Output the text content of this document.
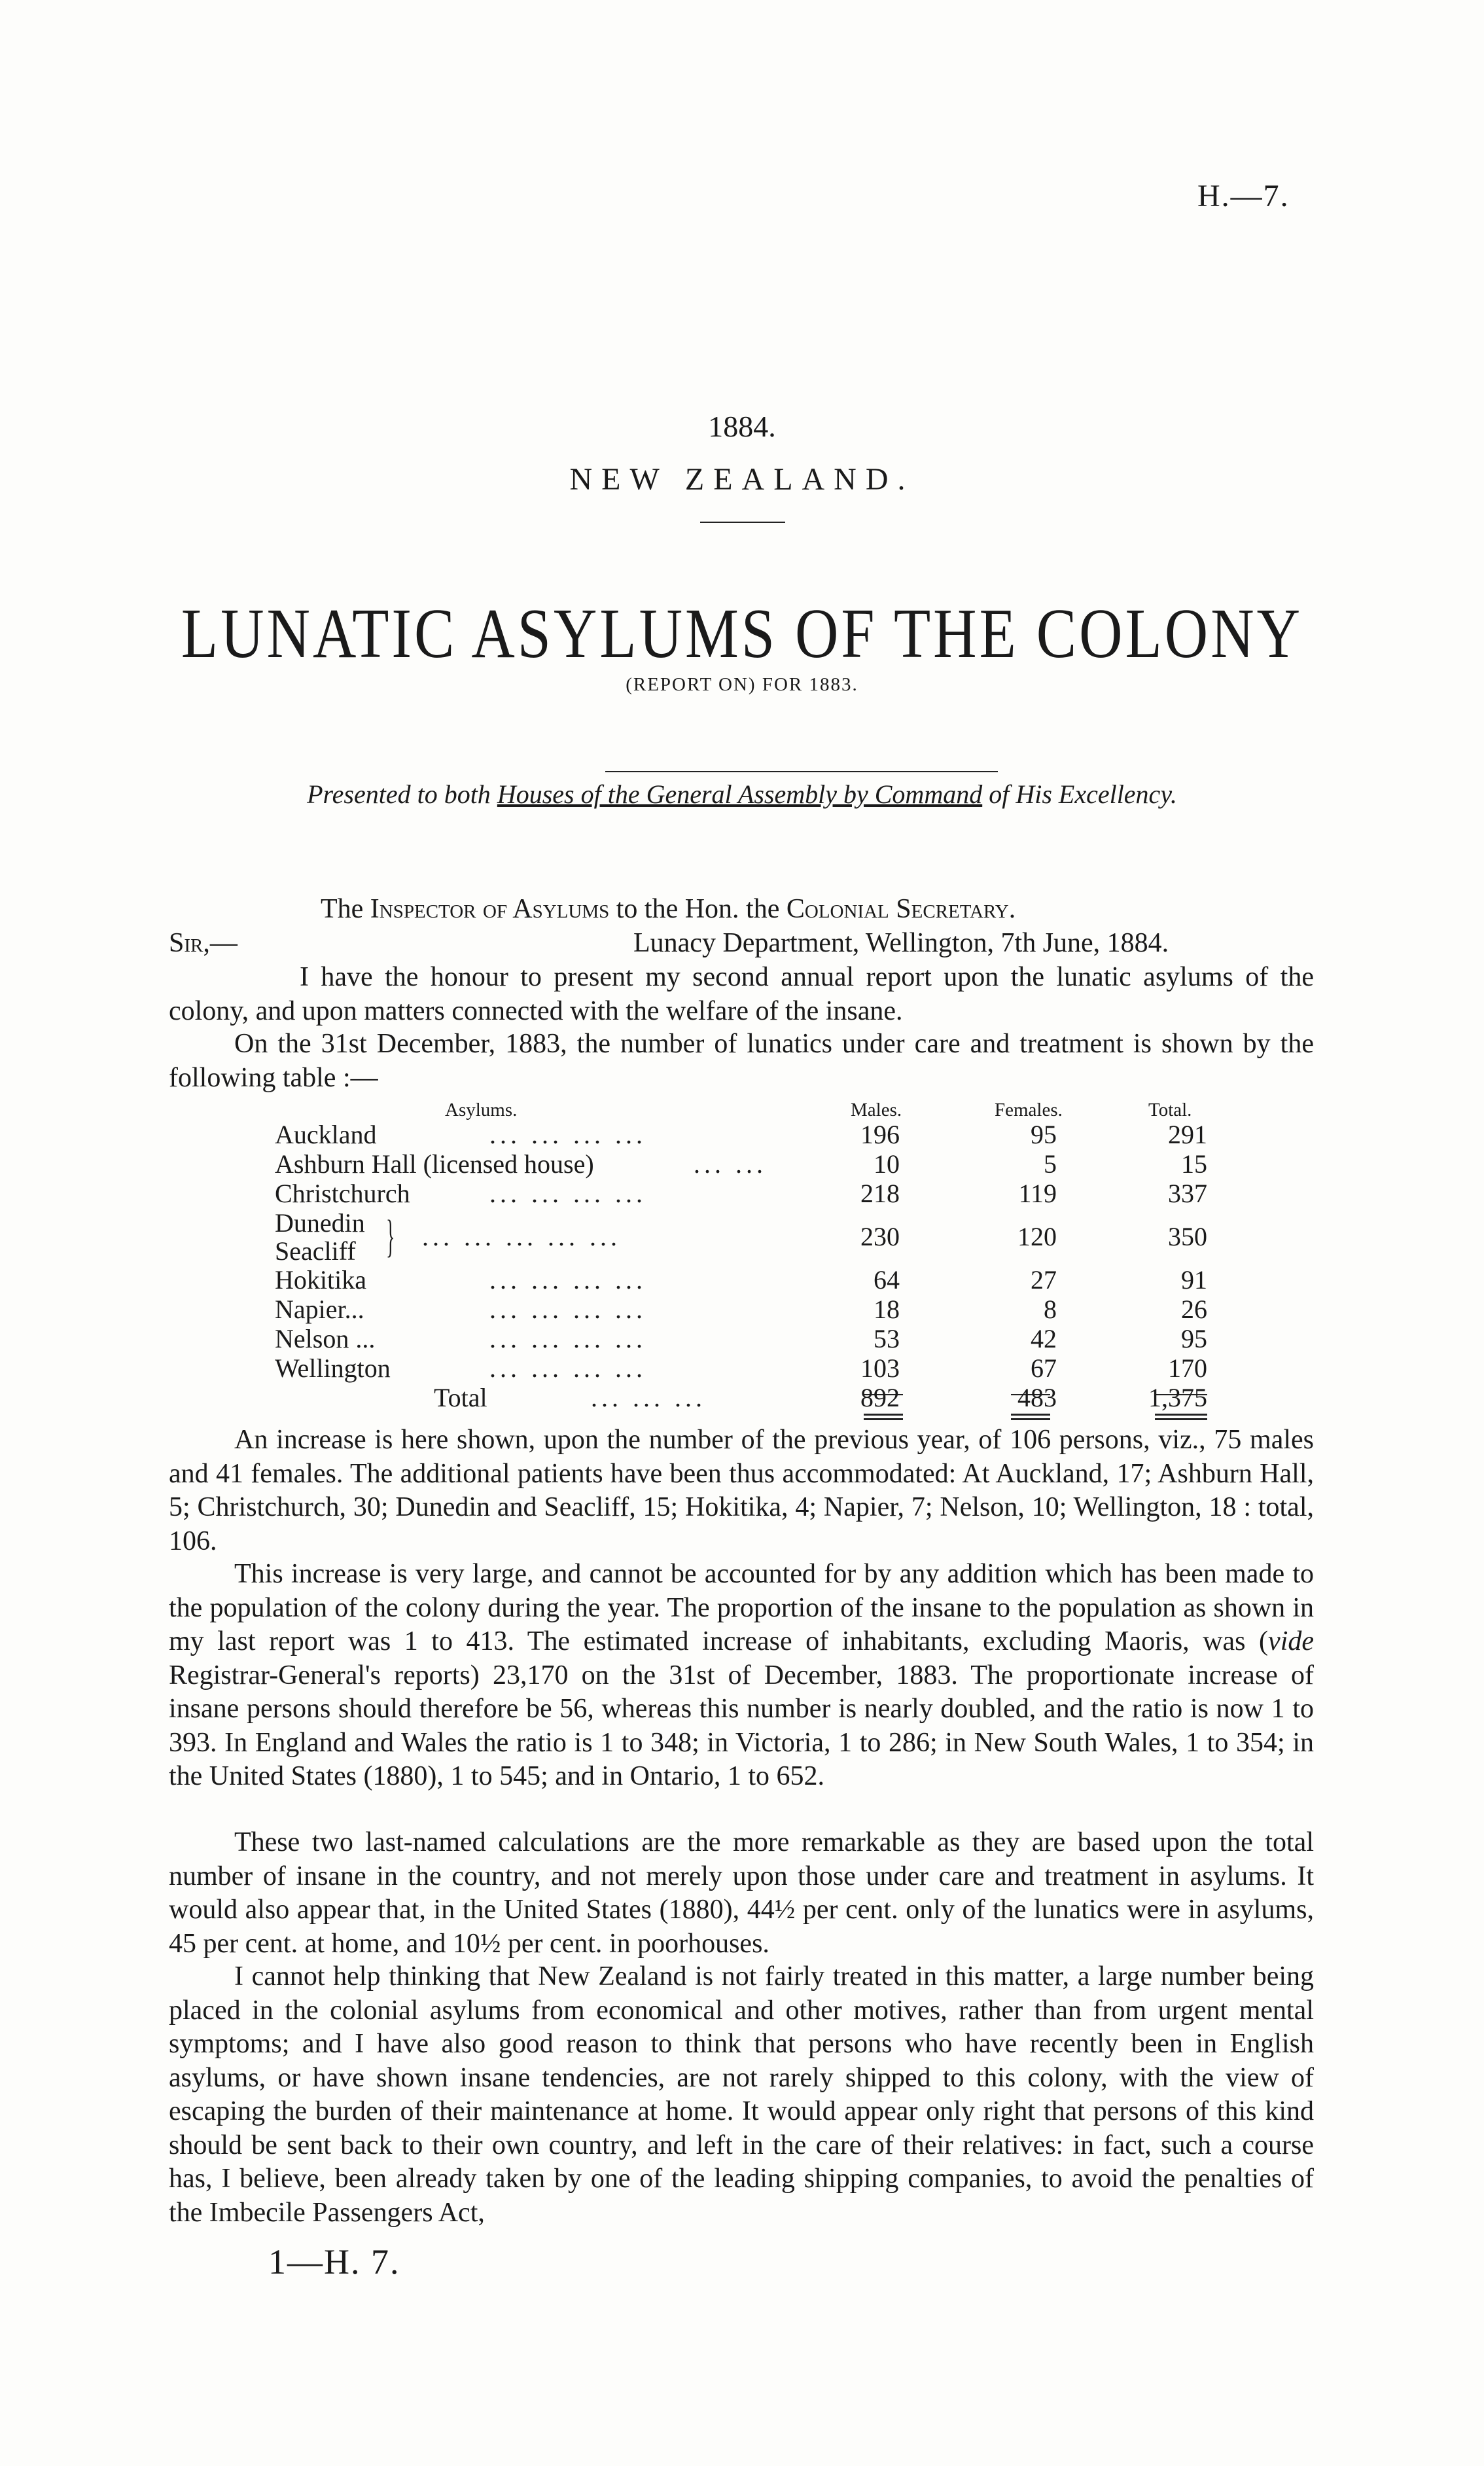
H.—7.
1884.
NEW ZEALAND.
LUNATIC ASYLUMS OF THE COLONY
(REPORT ON) FOR 1883.
Presented to both Houses of the General Assembly by Command of His Excellency.
The Inspector of Asylums to the Hon. the Colonial Secretary.
Sir,—	Lunacy Department, Wellington, 7th June, 1884.
I have the honour to present my second annual report upon the lunatic asylums of the colony, and upon matters connected with the welfare of the insane.
On the 31st December, 1883, the number of lunatics under care and treatment is shown by the following table :—
Asylums.	Males.	Females.	Total.
Auckland	... ... ... ...	196	95	291
Ashburn Hall (licensed house)	... ...	10	5	15
Christchurch	... ... ... ...	218	119	337
Dunedin
Seacliff } ... ... ... ... ...	230	120	350
Hokitika	... ... ... ...	64	27	91
Napier...	... ... ... ...	18	8	26
Nelson ...	... ... ... ...	53	42	95
Wellington	... ... ... ...	103	67	170
Total	... ... ...	892	483	1,375
An increase is here shown, upon the number of the previous year, of 106 persons, viz., 75 males and 41 females. The additional patients have been thus accommodated: At Auckland, 17; Ashburn Hall, 5; Christchurch, 30; Dunedin and Seacliff, 15; Hokitika, 4; Napier, 7; Nelson, 10; Wellington, 18 : total, 106.
This increase is very large, and cannot be accounted for by any addition which has been made to the population of the colony during the year. The proportion of the insane to the population as shown in my last report was 1 to 413. The estimated increase of inhabitants, excluding Maoris, was (vide Registrar-General's reports) 23,170 on the 31st of December, 1883. The proportionate increase of insane persons should therefore be 56, whereas this number is nearly doubled, and the ratio is now 1 to 393. In England and Wales the ratio is 1 to 348; in Victoria, 1 to 286; in New South Wales, 1 to 354; in the United States (1880), 1 to 545; and in Ontario, 1 to 652.
These two last-named calculations are the more remarkable as they are based upon the total number of insane in the country, and not merely upon those under care and treatment in asylums. It would also appear that, in the United States (1880), 44½ per cent. only of the lunatics were in asylums, 45 per cent. at home, and 10½ per cent. in poorhouses.
I cannot help thinking that New Zealand is not fairly treated in this matter, a large number being placed in the colonial asylums from economical and other motives, rather than from urgent mental symptoms; and I have also good reason to think that persons who have recently been in English asylums, or have shown insane tendencies, are not rarely shipped to this colony, with the view of escaping the burden of their maintenance at home. It would appear only right that persons of this kind should be sent back to their own country, and left in the care of their relatives: in fact, such a course has, I believe, been already taken by one of the leading shipping companies, to avoid the penalties of the Imbecile Passengers Act,
1—H. 7.
